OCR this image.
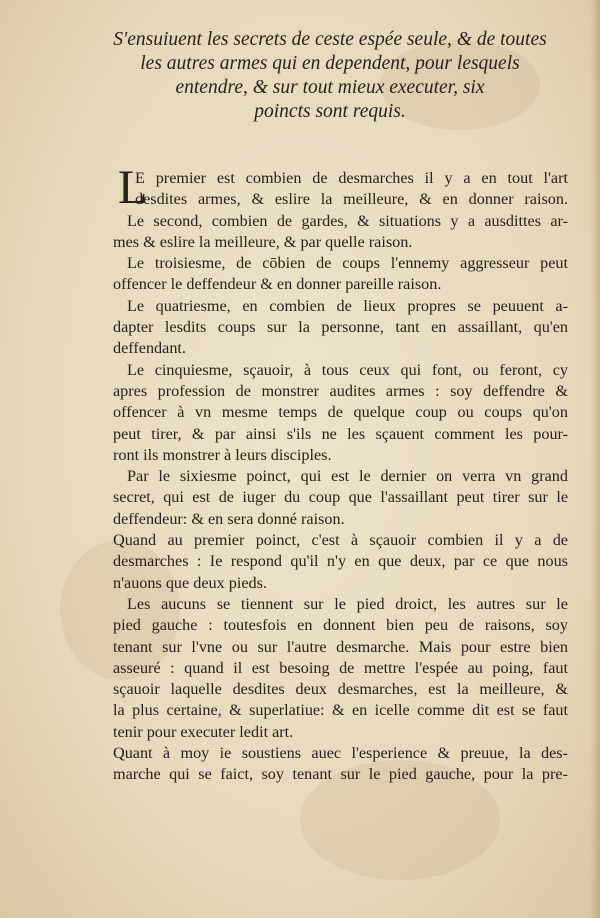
S'ensuiuent les secrets de ceste espée seule, & de toutes
les autres armes qui en dependent, pour lesquels
entendre, & sur tout mieux executer, six
poincts sont requis.
L
E premier est combien de desmarches il y a en tout l'art
desdites armes, & eslire la meilleure, & en donner raison.
Le second, combien de gardes, & situations y a ausdittes ar-
mes & eslire la meilleure, & par quelle raison.
Le troisiesme, de cōbien de coups l'ennemy aggresseur peut
offencer le deffendeur & en donner pareille raison.
Le quatriesme, en combien de lieux propres se peuuent a-
dapter lesdits coups sur la personne, tant en assaillant, qu'en
deffendant.
Le cinquiesme, sçauoir, à tous ceux qui font, ou feront, cy
apres profession de monstrer audites armes : soy deffendre &
offencer à vn mesme temps de quelque coup ou coups qu'on
peut tirer, & par ainsi s'ils ne les sçauent comment les pour-
ront ils monstrer à leurs disciples.
Par le sixiesme poinct, qui est le dernier on verra vn grand
secret, qui est de iuger du coup que l'assaillant peut tirer sur le
deffendeur: & en sera donné raison.
Quand au premier poinct, c'est à sçauoir combien il y a de
desmarches : Ie respond qu'il n'y en que deux, par ce que nous
n'auons que deux pieds.
Les aucuns se tiennent sur le pied droict, les autres sur le
pied gauche : toutesfois en donnent bien peu de raisons, soy
tenant sur l'vne ou sur l'autre desmarche. Mais pour estre bien
asseuré : quand il est besoing de mettre l'espée au poing, faut
sçauoir laquelle desdites deux desmarches, est la meilleure, &
la plus certaine, & superlatiue: & en icelle comme dit est se faut
tenir pour executer ledit art.
Quant à moy ie soustiens auec l'esperience & preuue, la des-
marche qui se faict, soy tenant sur le pied gauche, pour la pre-
